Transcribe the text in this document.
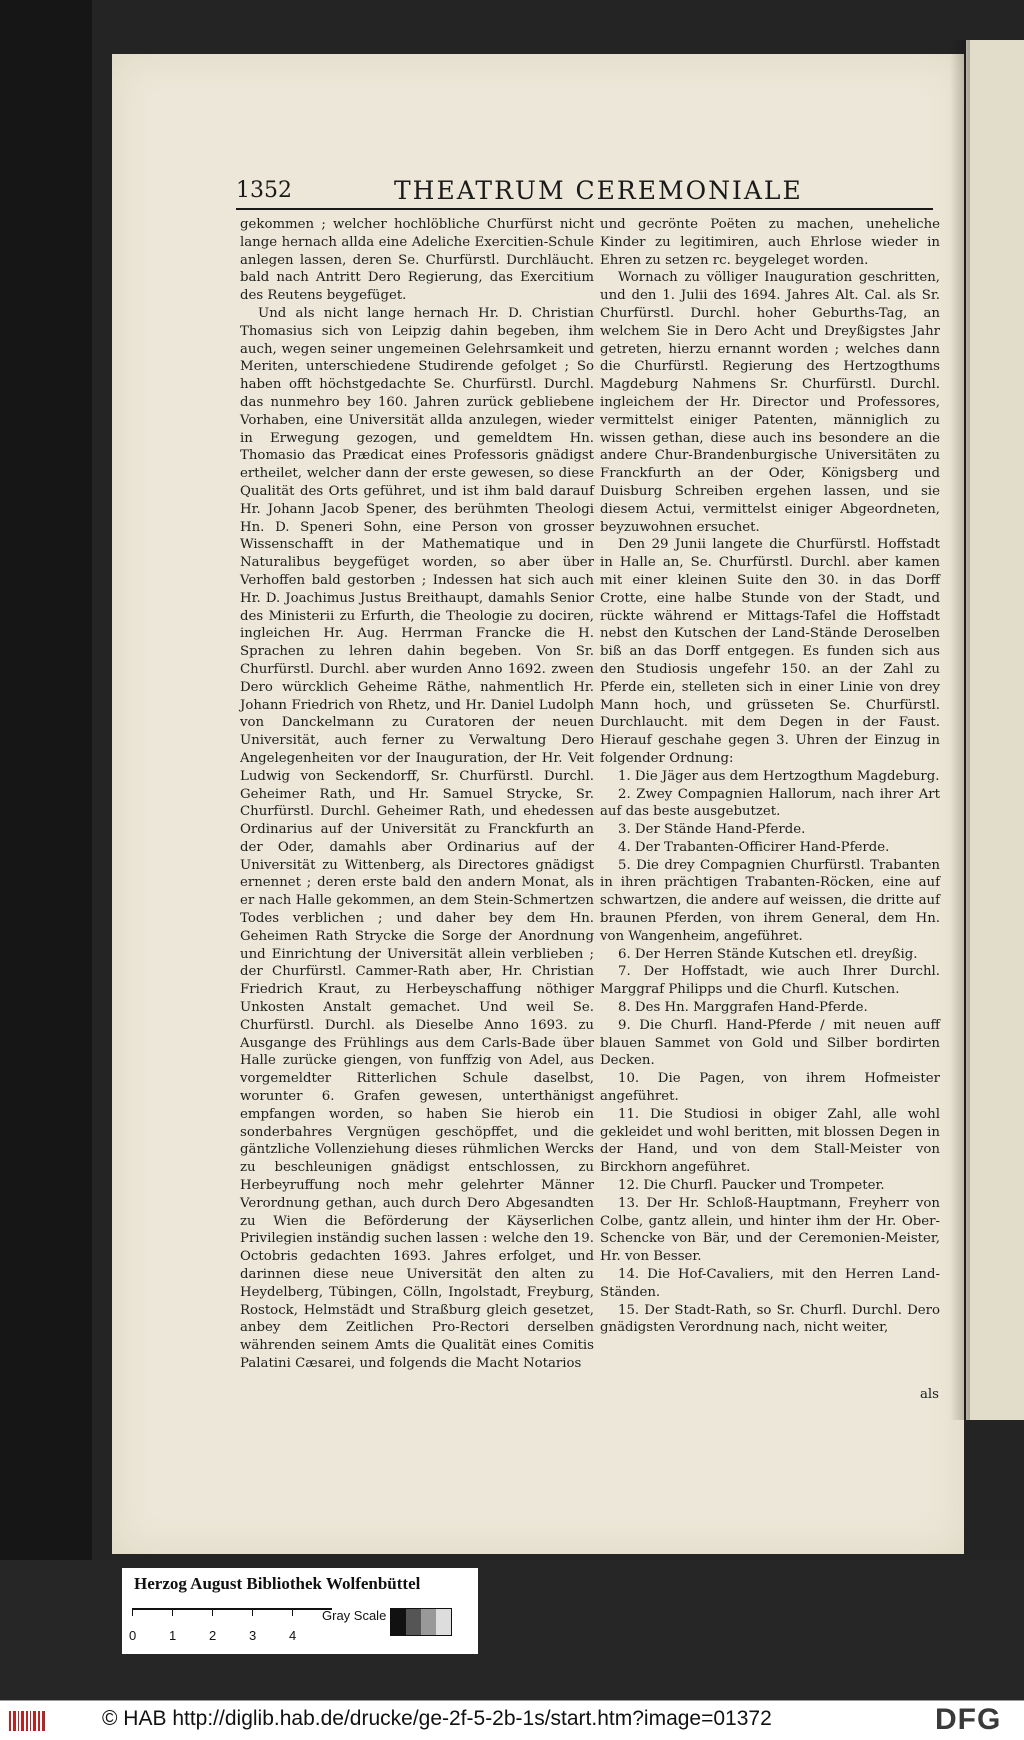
1352	THEATRUM CEREMONIALE

gekommen ; welcher hochlöbliche Churfürst nicht lange hernach allda eine Adeliche Exercitien-Schule anlegen lassen, deren Se. Churfürstl. Durchläucht. bald nach Antritt Dero Regierung, das Exercitium des Reutens beygefüget.

Und als nicht lange hernach Hr. D. Christian Thomasius sich von Leipzig dahin begeben, ihm auch, wegen seiner ungemeinen Gelehrsamkeit und Meriten, unterschiedene Studirende gefolget ; So haben offt höchstgedachte Se. Churfürstl. Durchl. das nunmehro bey 160. Jahren zurück gebliebene Vorhaben, eine Universität allda anzulegen, wieder in Erwegung gezogen, und gemeldtem Hn. Thomasio das Prædicat eines Professoris gnädigst ertheilet, welcher dann der erste gewesen, so diese Qualität des Orts geführet, und ist ihm bald darauf Hr. Johann Jacob Spener, des berühmten Theologi Hn. D. Speneri Sohn, eine Person von grosser Wissenschafft in der Mathematique und in Naturalibus beygefüget worden, so aber über Verhoffen bald gestorben ; Indessen hat sich auch Hr. D. Joachimus Justus Breithaupt, damahls Senior des Ministerii zu Erfurth, die Theologie zu dociren, ingleichen Hr. Aug. Herrman Francke die H. Sprachen zu lehren dahin begeben. Von Sr. Churfürstl. Durchl. aber wurden Anno 1692. zween Dero würcklich Geheime Räthe, nahmentlich Hr. Johann Friedrich von Rhetz, und Hr. Daniel Ludolph von Danckelmann zu Curatoren der neuen Universität, auch ferner zu Verwaltung Dero Angelegenheiten vor der Inauguration, der Hr. Veit Ludwig von Seckendorff, Sr. Churfürstl. Durchl. Geheimer Rath, und Hr. Samuel Strycke, Sr. Churfürstl. Durchl. Geheimer Rath, und ehedessen Ordinarius auf der Universität zu Franckfurth an der Oder, damahls aber Ordinarius auf der Universität zu Wittenberg, als Directores gnädigst ernennet ; deren erste bald den andern Monat, als er nach Halle gekommen, an dem Stein-Schmertzen Todes verblichen ; und daher bey dem Hn. Geheimen Rath Strycke die Sorge der Anordnung und Einrichtung der Universität allein verblieben ; der Churfürstl. Cammer-Rath aber, Hr. Christian Friedrich Kraut, zu Herbeyschaffung nöthiger Unkosten Anstalt gemachet. Und weil Se. Churfürstl. Durchl. als Dieselbe Anno 1693. zu Ausgange des Frühlings aus dem Carls-Bade über Halle zurücke giengen, von funffzig von Adel, aus vorgemeldter Ritterlichen Schule daselbst, worunter 6. Grafen gewesen, unterthänigst empfangen worden, so haben Sie hierob ein sonderbahres Vergnügen geschöpffet, und die gäntzliche Vollenziehung dieses rühmlichen Wercks zu beschleunigen gnädigst entschlossen, zu Herbeyruffung noch mehr gelehrter Männer Verordnung gethan, auch durch Dero Abgesandten zu Wien die Beförderung der Käyserlichen Privilegien inständig suchen lassen : welche den 19. Octobris gedachten 1693. Jahres erfolget, und darinnen diese neue Universität den alten zu Heydelberg, Tübingen, Cölln, Ingolstadt, Freyburg, Rostock, Helmstädt und Straßburg gleich gesetzet, anbey dem Zeitlichen Pro-Rectori derselben währenden seinem Amts die Qualität eines Comitis Palatini Cæsarei, und folgends die Macht Notarios

und gecrönte Poëten zu machen, uneheliche Kinder zu legitimiren, auch Ehrlose wieder in Ehren zu setzen rc. beygeleget worden.

Wornach zu völliger Inauguration geschritten, und den 1. Julii des 1694. Jahres Alt. Cal. als Sr. Churfürstl. Durchl. hoher Geburths-Tag, an welchem Sie in Dero Acht und Dreyßigstes Jahr getreten, hierzu ernannt worden ; welches dann die Churfürstl. Regierung des Hertzogthums Magdeburg Nahmens Sr. Churfürstl. Durchl. ingleichem der Hr. Director und Professores, vermittelst einiger Patenten, männiglich zu wissen gethan, diese auch ins besondere an die andere Chur-Brandenburgische Universitäten zu Franckfurth an der Oder, Königsberg und Duisburg Schreiben ergehen lassen, und sie diesem Actui, vermittelst einiger Abgeordneten, beyzuwohnen ersuchet.

Den 29 Junii langete die Churfürstl. Hoffstadt in Halle an, Se. Churfürstl. Durchl. aber kamen mit einer kleinen Suite den 30. in das Dorff Crotte, eine halbe Stunde von der Stadt, und rückte während er Mittags-Tafel die Hoffstadt nebst den Kutschen der Land-Stände Deroselben biß an das Dorff entgegen. Es funden sich aus den Studiosis ungefehr 150. an der Zahl zu Pferde ein, stelleten sich in einer Linie von drey Mann hoch, und grüsseten Se. Churfürstl. Durchlaucht. mit dem Degen in der Faust. Hierauf geschahe gegen 3. Uhren der Einzug in folgender Ordnung:

1. Die Jäger aus dem Hertzogthum Magdeburg.

2. Zwey Compagnien Hallorum, nach ihrer Art auf das beste ausgebutzet.

3. Der Stände Hand-Pferde.

4. Der Trabanten-Officirer Hand-Pferde.

5. Die drey Compagnien Churfürstl. Trabanten in ihren prächtigen Trabanten-Röcken, eine auf schwartzen, die andere auf weissen, die dritte auf braunen Pferden, von ihrem General, dem Hn. von Wangenheim, angeführet.

6. Der Herren Stände Kutschen etl. dreyßig.

7. Der Hoffstadt, wie auch Ihrer Durchl. Marggraf Philipps und die Churfl. Kutschen.

8. Des Hn. Marggrafen Hand-Pferde.

9. Die Churfl. Hand-Pferde / mit neuen auff blauen Sammet von Gold und Silber bordirten Decken.

10. Die Pagen, von ihrem Hofmeister angeführet.

11. Die Studiosi in obiger Zahl, alle wohl gekleidet und wohl beritten, mit blossen Degen in der Hand, und von dem Stall-Meister von Birckhorn angeführet.

12. Die Churfl. Paucker und Trompeter.

13. Der Hr. Schloß-Hauptmann, Freyherr von Colbe, gantz allein, und hinter ihm der Hr. Ober-Schencke von Bär, und der Ceremonien-Meister, Hr. von Besser.

14. Die Hof-Cavaliers, mit den Herren Land-Ständen.

15. Der Stadt-Rath, so Sr. Churfl. Durchl. Dero gnädigsten Verordnung nach, nicht weiter,

als
Herzog August Bibliothek Wolfenbüttel
Gray Scale
0	1	2	3	4
© HAB http://diglib.hab.de/drucke/ge-2f-5-2b-1s/start.htm?image=01372	DFG
